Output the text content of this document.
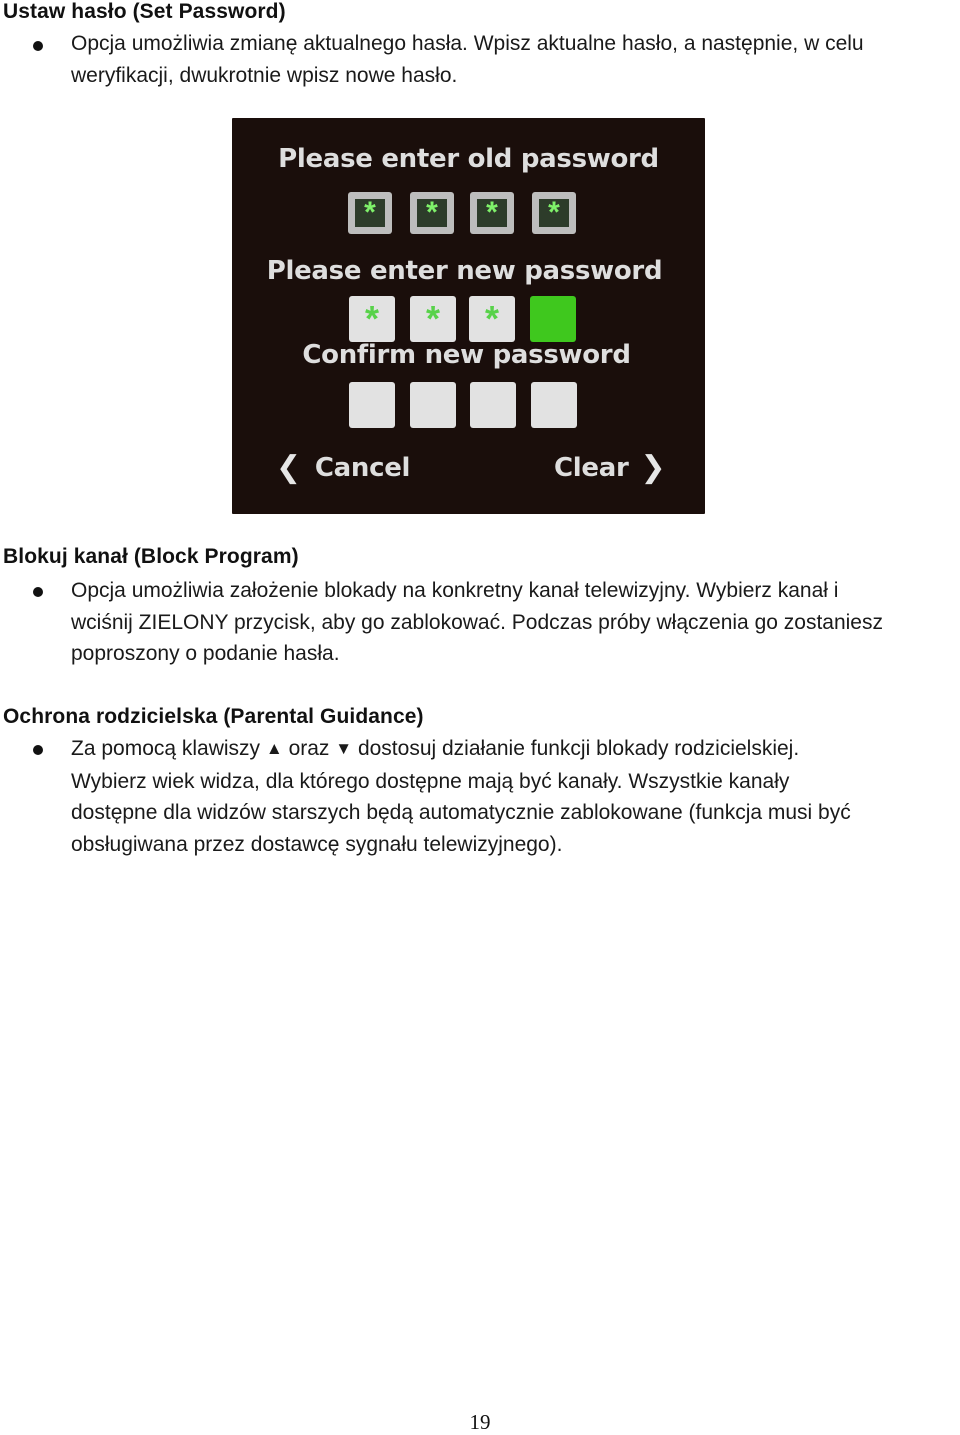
Ustaw hasło (Set Password)

Opcja umożliwia zmianę aktualnego hasła. Wpisz aktualne hasło, a następnie, w celu
weryfikacji, dwukrotnie wpisz nowe hasło.

Please enter old password

*	*	*	*

Please enter new password

* * *

Confirm new password

❮ Cancel	Clear ❯
Blokuj kanał (Block Program)

Opcja umożliwia założenie blokady na konkretny kanał telewizyjny. Wybierz kanał i
wciśnij ZIELONY przycisk, aby go zablokować. Podczas próby włączenia go zostaniesz
poproszony o podanie hasła.

Ochrona rodzicielska (Parental Guidance)

Za pomocą klawiszy ▲ oraz ▼ dostosuj działanie funkcji blokady rodzicielskiej.
Wybierz wiek widza, dla którego dostępne mają być kanały. Wszystkie kanały
dostępne dla widzów starszych będą automatycznie zablokowane (funkcja musi być
obsługiwana przez dostawcę sygnału telewizyjnego).

19
